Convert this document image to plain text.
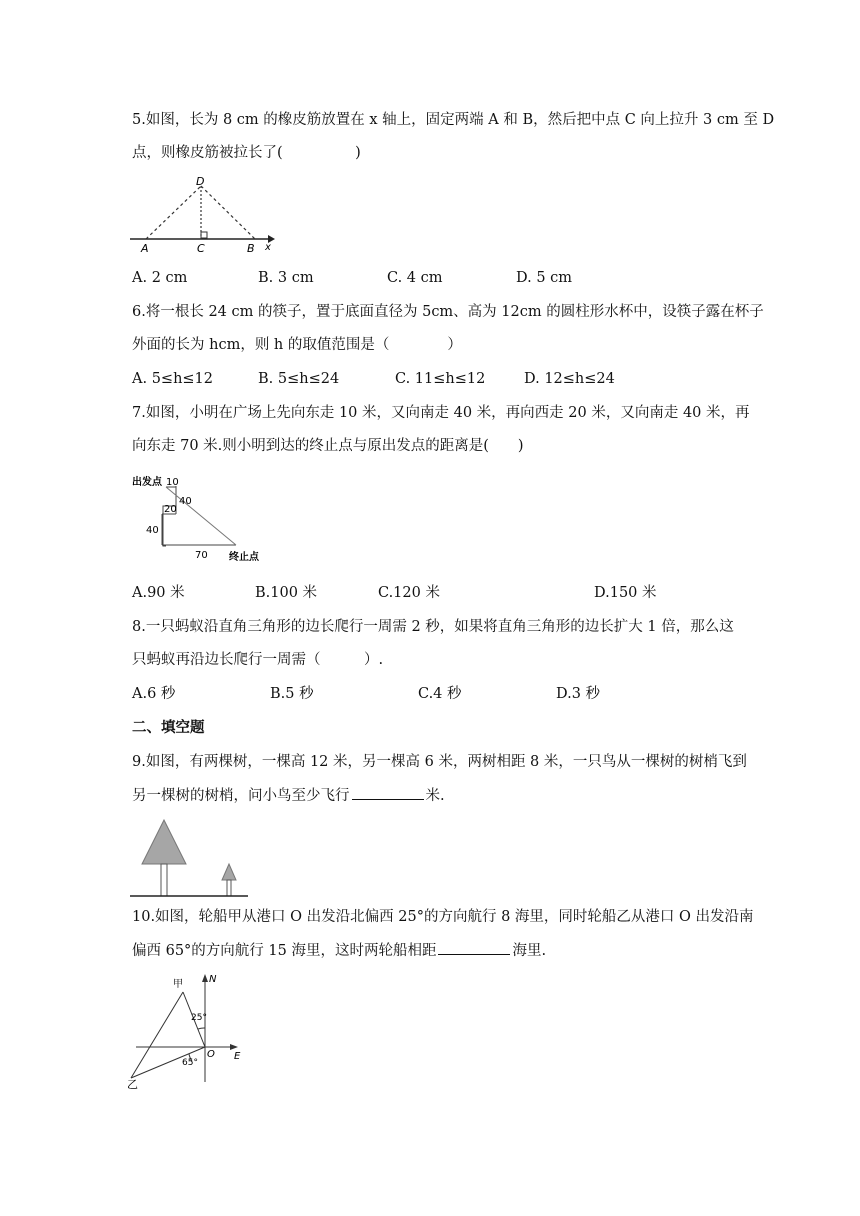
5.如图，长为 8 cm 的橡皮筋放置在 x 轴上，固定两端 A 和 B，然后把中点 C 向上拉升 3 cm 至 D
点，则橡皮筋被拉长了(　　　　　)
D
A	C	B x
A. 2 cm	B. 3 cm	C. 4 cm	D. 5 cm
6.将一根长 24 cm 的筷子，置于底面直径为 5cm、高为 12cm 的圆柱形水杯中，设筷子露在杯子
外面的长为 hcm，则 h 的取值范围是（　　　　）
A. 5≤h≤12	B. 5≤h≤24	C. 11≤h≤12	D. 12≤h≤24
7.如图，小明在广场上先向东走 10 米，又向南走 40 米，再向西走 20 米，又向南走 40 米，再
向东走 70 米.则小明到达的终止点与原出发点的距离是(　　)
出发点 10
40
20
40
70 终止点
A.90 米	B.100 米	C.120 米	D.150 米
8.一只蚂蚁沿直角三角形的边长爬行一周需 2 秒，如果将直角三角形的边长扩大 1 倍，那么这
只蚂蚁再沿边长爬行一周需（　　　）.
A.6 秒	B.5 秒	C.4 秒	D.3 秒
二、填空题
9.如图，有两棵树，一棵高 12 米，另一棵高 6 米，两树相距 8 米，一只鸟从一棵树的树梢飞到
另一棵树的树梢，问小鸟至少飞行	米.
10.如图，轮船甲从港口 O 出发沿北偏西 25°的方向航行 8 海里，同时轮船乙从港口 O 出发沿南
偏西 65°的方向航行 15 海里，这时两轮船相距	海里.
甲	N
25°
O E
65°
乙
